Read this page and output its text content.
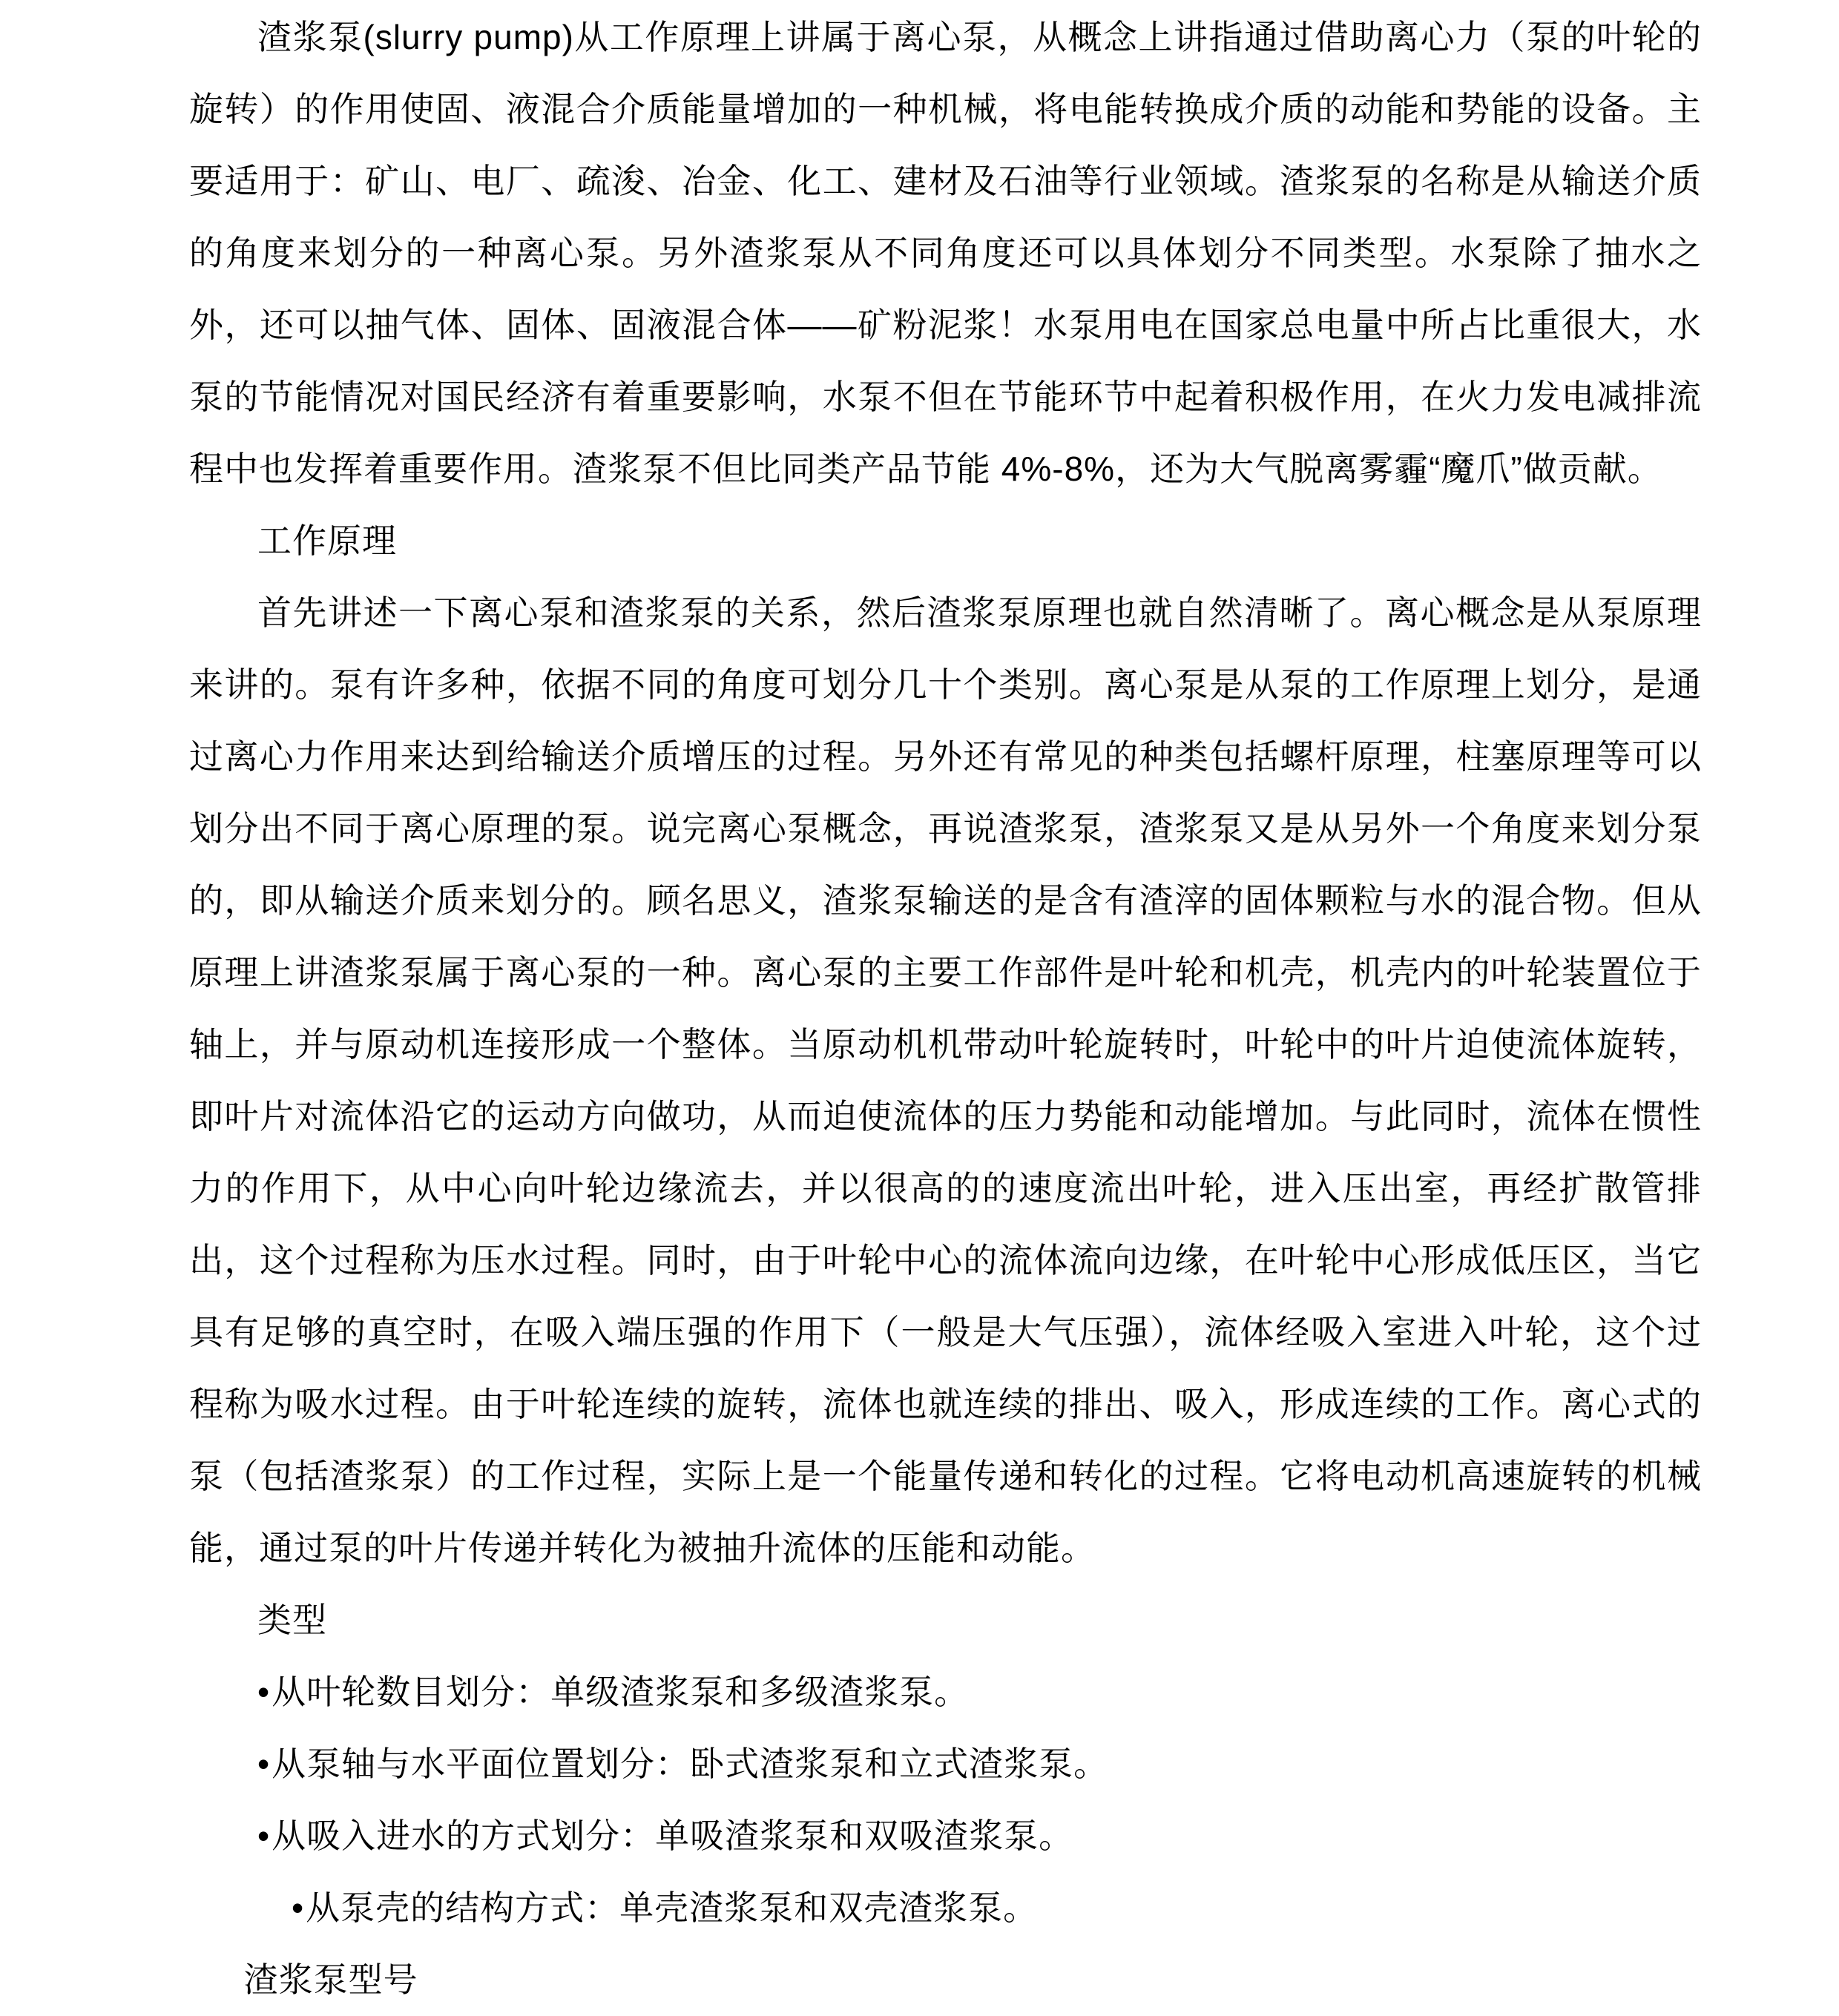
渣浆泵(slurry pump)从工作原理上讲属于离心泵，从概念上讲指通过借助离心力（泵的叶轮的旋转）的作用使固、液混合介质能量增加的一种机械，将电能转换成介质的动能和势能的设备。主要适用于：矿山、电厂、疏浚、冶金、化工、建材及石油等行业领域。渣浆泵的名称是从输送介质的角度来划分的一种离心泵。另外渣浆泵从不同角度还可以具体划分不同类型。水泵除了抽水之外，还可以抽气体、固体、固液混合体——矿粉泥浆！水泵用电在国家总电量中所占比重很大，水泵的节能情况对国民经济有着重要影响，水泵不但在节能环节中起着积极作用，在火力发电减排流程中也发挥着重要作用。渣浆泵不但比同类产品节能 4%-8%，还为大气脱离雾霾“魔爪”做贡献。

工作原理

首先讲述一下离心泵和渣浆泵的关系，然后渣浆泵原理也就自然清晰了。离心概念是从泵原理来讲的。泵有许多种，依据不同的角度可划分几十个类别。离心泵是从泵的工作原理上划分，是通过离心力作用来达到给输送介质增压的过程。另外还有常见的种类包括螺杆原理，柱塞原理等可以划分出不同于离心原理的泵。说完离心泵概念，再说渣浆泵，渣浆泵又是从另外一个角度来划分泵的，即从输送介质来划分的。顾名思义，渣浆泵输送的是含有渣滓的固体颗粒与水的混合物。但从原理上讲渣浆泵属于离心泵的一种。离心泵的主要工作部件是叶轮和机壳，机壳内的叶轮装置位于轴上，并与原动机连接形成一个整体。当原动机机带动叶轮旋转时，叶轮中的叶片迫使流体旋转，即叶片对流体沿它的运动方向做功，从而迫使流体的压力势能和动能增加。与此同时，流体在惯性力的作用下，从中心向叶轮边缘流去，并以很高的的速度流出叶轮，进入压出室，再经扩散管排出，这个过程称为压水过程。同时，由于叶轮中心的流体流向边缘，在叶轮中心形成低压区，当它具有足够的真空时，在吸入端压强的作用下（一般是大气压强），流体经吸入室进入叶轮，这个过程称为吸水过程。由于叶轮连续的旋转，流体也就连续的排出、吸入，形成连续的工作。离心式的泵（包括渣浆泵）的工作过程，实际上是一个能量传递和转化的过程。它将电动机高速旋转的机械能，通过泵的叶片传递并转化为被抽升流体的压能和动能。

类型

•从叶轮数目划分：单级渣浆泵和多级渣浆泵。

•从泵轴与水平面位置划分：卧式渣浆泵和立式渣浆泵。

•从吸入进水的方式划分：单吸渣浆泵和双吸渣浆泵。

•从泵壳的结构方式：单壳渣浆泵和双壳渣浆泵。

渣浆泵型号
